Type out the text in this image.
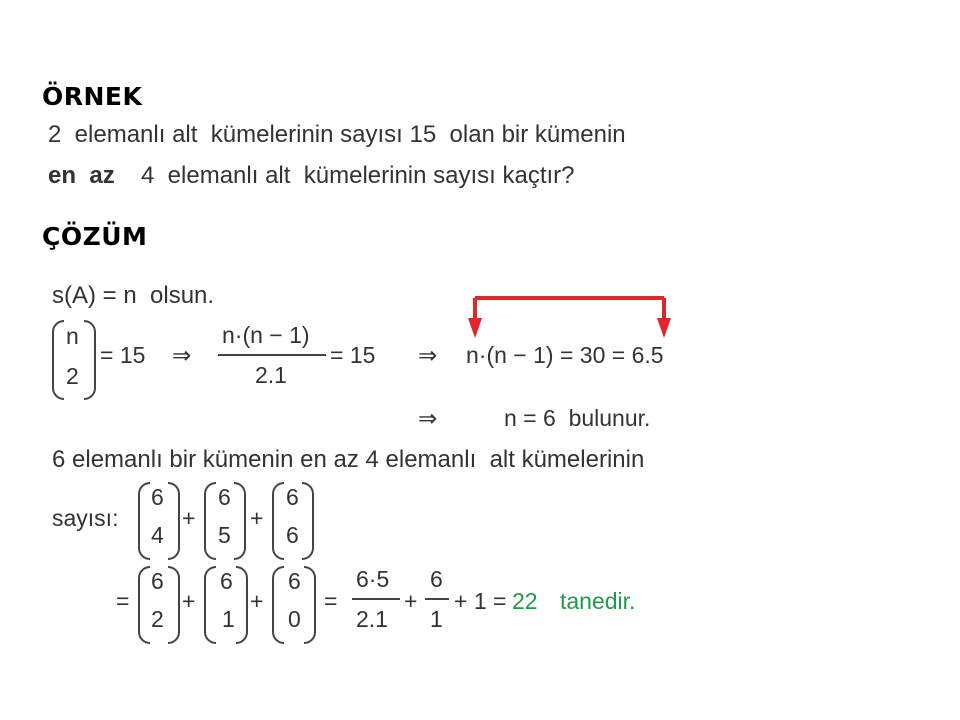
ÖRNEK
2  elemanlı alt  kümelerinin sayısı 15  olan bir kümenin
en  az 4  elemanlı alt  kümelerinin sayısı kaçtır?
ÇÖZÜM
s(A) = n  olsun.
n
2
= 15 ⇒
n·(n − 1)
2.1
= 15 ⇒ n·(n − 1) = 30 = 6.5
⇒	n = 6  bulunur.
6 elemanlı bir kümenin en az 4 elemanlı  alt kümelerinin
sayısı:
6
4
+
6
5
+
6
6
=
6
2
+
6
1
+
6
0
=
6·5
2.1
+
6
1
+ 1 = 22 tanedir.
